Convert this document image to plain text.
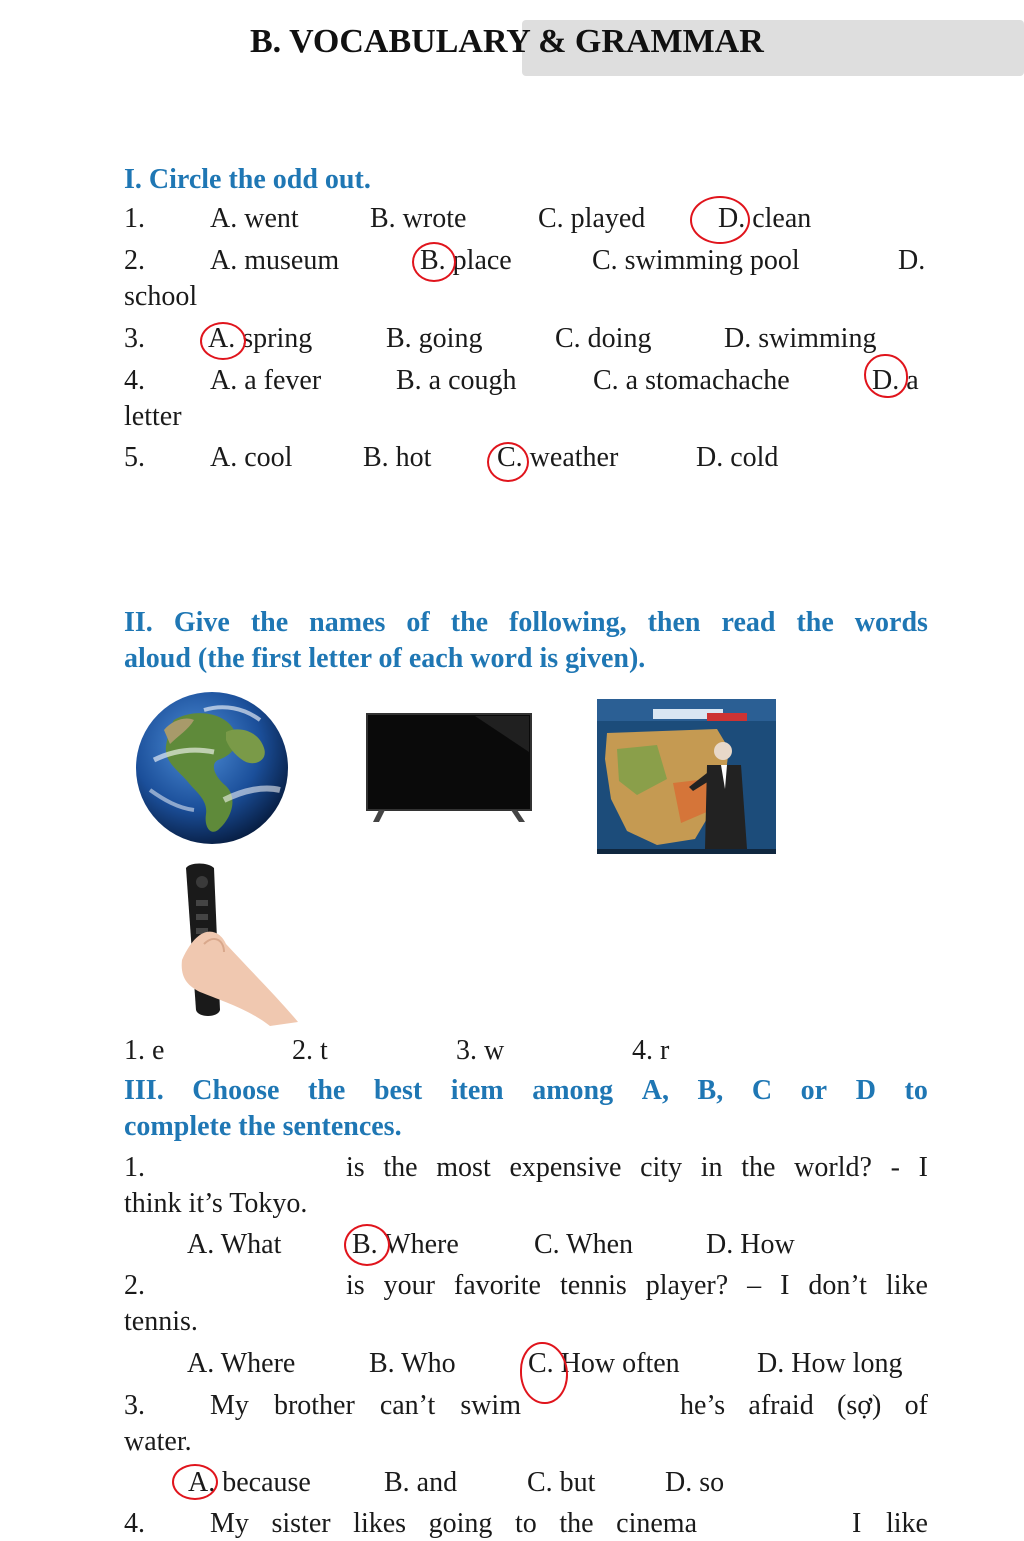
B. VOCABULARY & GRAMMAR
I. Circle the odd out.
1. A. went	B. wrote	C. played	D. clean
2. A. museum	B. place	C. swimming pool	D.
school
3. A. spring	B. going	C. doing	D. swimming
4. A. a fever	B. a cough	C. a stomachache	D. a
letter
5. A. cool	B. hot C. weather	D. cold
II. Give the names of the following, then read the words
aloud (the first letter of each word is given).
1. e	2. t	3. w	4. r
III. Choose the best item among A, B, C or D to
complete the sentences.
1.	is the most expensive city in the world? - I
think it’s Tokyo.
A. What	B. Where	C. When	D. How
2.	is your favorite tennis player? – I don’t like
tennis.
A. Where	B. Who	C. How often	D. How long
3. My brother can’t swim	he’s afraid (sợ) of
water.
A. because	B. and C. but D. so
4. My sister likes going to the cinema	I like
